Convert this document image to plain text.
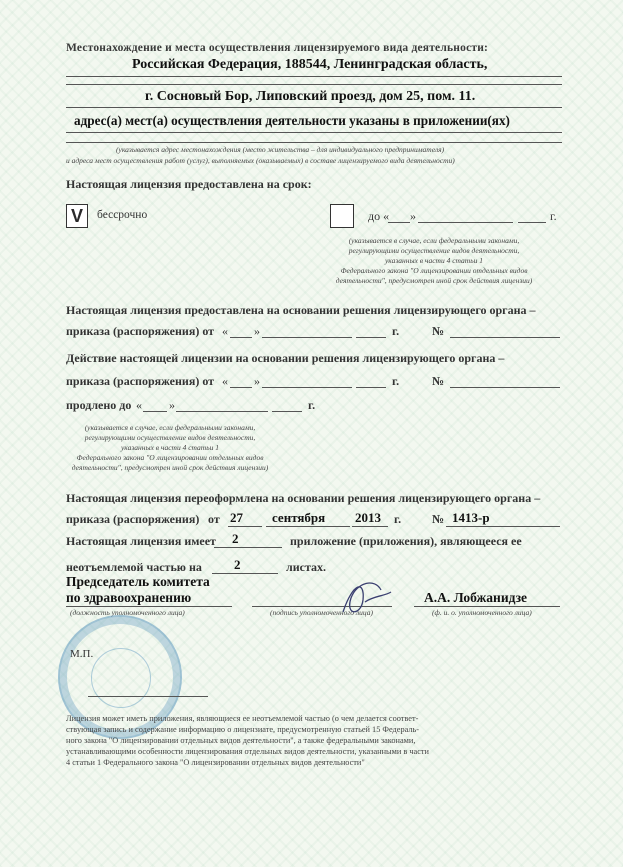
Местонахождение и места осуществления лицензируемого вида деятельности:
Российская Федерация, 188544, Ленинградская область,
г. Сосновый Бор, Липовский проезд, дом 25, пом. 11.
адрес(а) мест(а) осуществления деятельности указаны в приложении(ях)
(указывается адрес местонахождения (место жительства – для индивидуального предпринимателя)
и адреса мест осуществления работ (услуг), выполняемых (оказываемых) в составе лицензируемого вида деятельности)
Настоящая лицензия предоставлена на срок:
V	бессрочно	до « »	г.
(указывается в случае, если федеральными законами,
регулирующими осуществление видов деятельности,
указанных в части 4 статьи 1
Федерального закона "О лицензировании отдельных видов
деятельности", предусмотрен иной срок действия лицензии)
Настоящая лицензия предоставлена на основании решения лицензирующего органа –
приказа (распоряжения) от « »	г.	№
Действие настоящей лицензии на основании решения лицензирующего органа –
приказа (распоряжения) от « »	г.	№
продлено до « »	г.
(указывается в случае, если федеральными законами,
регулирующими осуществление видов деятельности,
указанных в части 4 статьи 1
Федерального закона "О лицензировании отдельных видов
деятельности", предусмотрен иной срок действия лицензии)
Настоящая лицензия переоформлена на основании решения лицензирующего органа –
приказа (распоряжения) от 27 сентября 2013 г.	№ 1413-р
Настоящая лицензия имеет 2	приложение (приложения), являющееся ее
неотъемлемой частью на 2	листах.
Председатель комитета
по здравоохранению	А.А. Лобжанидзе
(должность уполномоченного лица)	(подпись уполномоченного лица)	(ф. и. о. уполномоченного лица)
М.П.
Лицензия может иметь приложения, являющиеся ее неотъемлемой частью (о чем делается соответ-
ствующая запись и содержание информацию о лицензиате, предусмотренную статьей 15 Федераль-
ного закона "О лицензировании отдельных видов деятельности", а также федеральными законами,
устанавливающими особенности лицензирования отдельных видов деятельности, указанными в части
4 статьи 1 Федерального закона "О лицензировании отдельных видов деятельности"
